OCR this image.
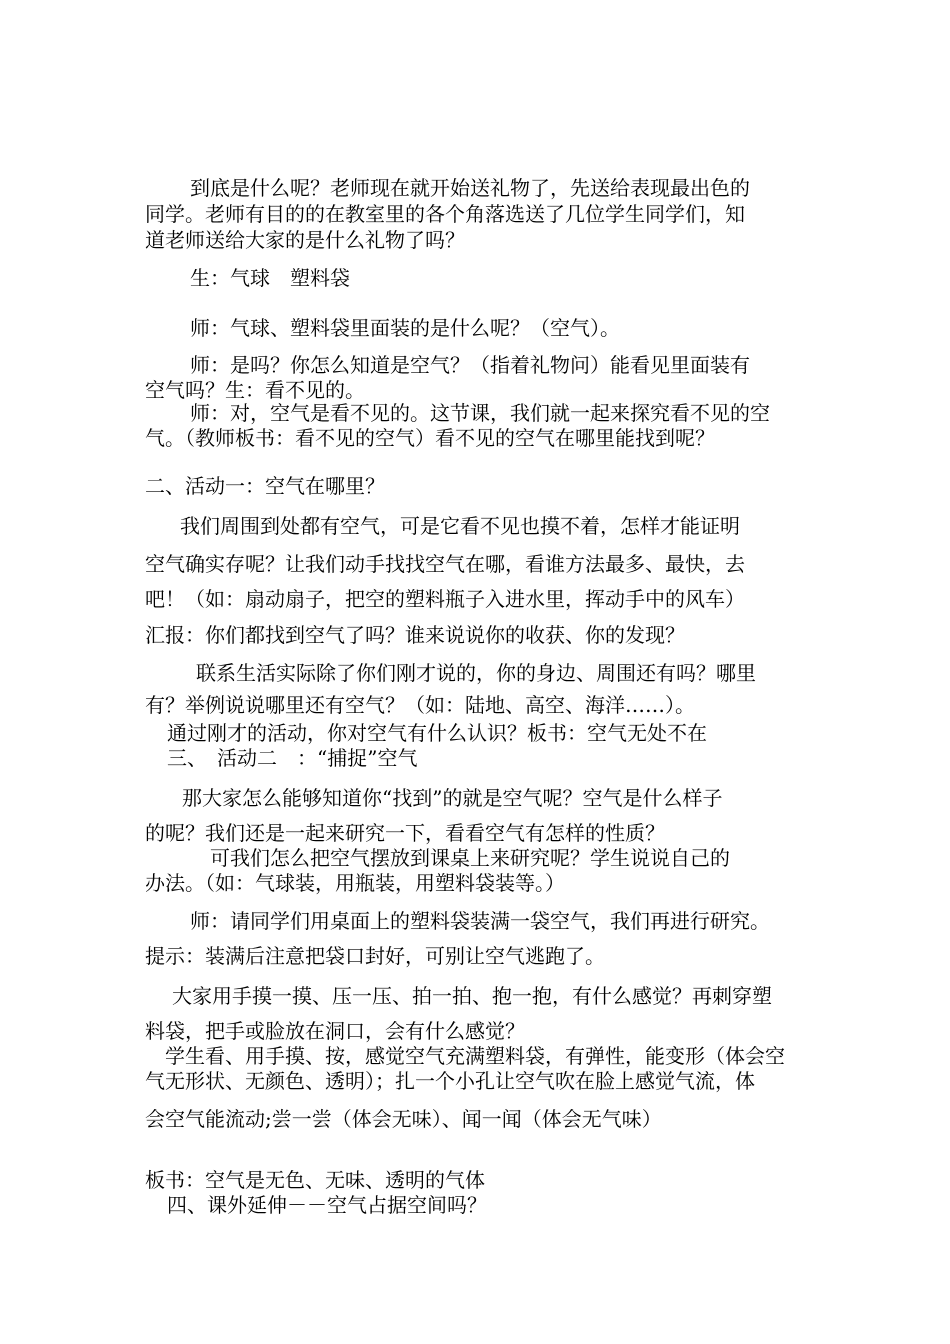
到底是什么呢？老师现在就开始送礼物了，先送给表现最出色的
同学。老师有目的的在教室里的各个角落选送了几位学生同学们，知
道老师送给大家的是什么礼物了吗？
生：气球　塑料袋
师：气球、塑料袋里面装的是什么呢？（空气）。
师：是吗？你怎么知道是空气？（指着礼物问）能看见里面装有
空气吗？生：看不见的。
师：对，空气是看不见的。这节课，我们就一起来探究看不见的空
气。（教师板书：看不见的空气）看不见的空气在哪里能找到呢？
二、活动一：空气在哪里？
我们周围到处都有空气，可是它看不见也摸不着，怎样才能证明
空气确实存呢？让我们动手找找空气在哪，看谁方法最多、最快，去
吧！（如：扇动扇子，把空的塑料瓶子入进水里，挥动手中的风车）
汇报：你们都找到空气了吗？谁来说说你的收获、你的发现？
联系生活实际除了你们刚才说的，你的身边、周围还有吗？哪里
有？举例说说哪里还有空气？（如：陆地、高空、海洋……）。
通过刚才的活动，你对空气有什么认识？板书：空气无处不在
三、　活动二　：“捕捉”空气
那大家怎么能够知道你“找到”的就是空气呢？空气是什么样子
的呢？我们还是一起来研究一下，看看空气有怎样的性质？
可我们怎么把空气摆放到课桌上来研究呢？学生说说自己的
办法。（如：气球装，用瓶装，用塑料袋装等。）
师：请同学们用桌面上的塑料袋装满一袋空气，我们再进行研究。
提示：装满后注意把袋口封好，可别让空气逃跑了。
大家用手摸一摸、压一压、拍一拍、抱一抱，有什么感觉？再刺穿塑
料袋，把手或脸放在洞口，会有什么感觉？
学生看、用手摸、按，感觉空气充满塑料袋，有弹性，能变形（体会空
气无形状、无颜色、透明）；扎一个小孔让空气吹在脸上感觉气流，体
会空气能流动;尝一尝（体会无味）、闻一闻（体会无气味）
板书：空气是无色、无味、透明的气体
四、课外延伸－－空气占据空间吗？
